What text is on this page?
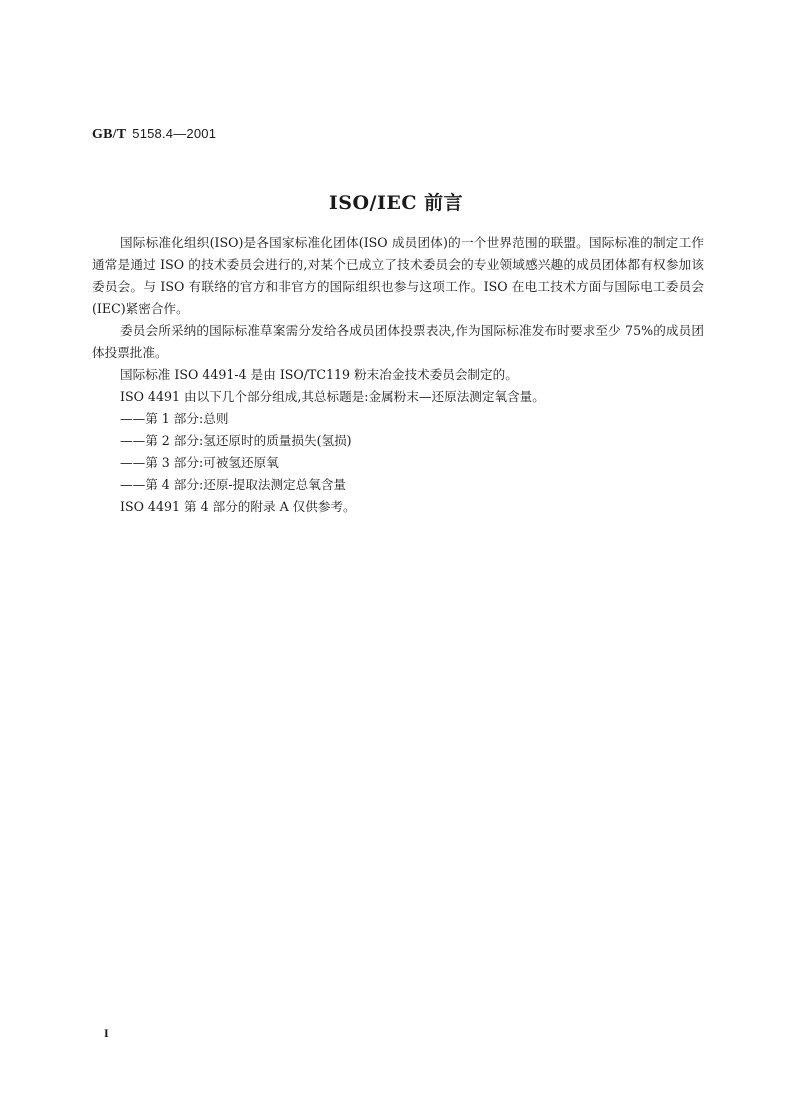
GB/T 5158.4—2001
ISO/IEC 前言

国际标准化组织(ISO)是各国家标准化团体(ISO 成员团体)的一个世界范围的联盟。国际标准的制定工作通常是通过 ISO 的技术委员会进行的,对某个已成立了技术委员会的专业领域感兴趣的成员团体都有权参加该委员会。与 ISO 有联络的官方和非官方的国际组织也参与这项工作。ISO 在电工技术方面与国际电工委员会(IEC)紧密合作。

委员会所采纳的国际标准草案需分发给各成员团体投票表决,作为国际标准发布时要求至少 75%的成员团体投票批准。

国际标准 ISO 4491-4 是由 ISO/TC119 粉末冶金技术委员会制定的。

ISO 4491 由以下几个部分组成,其总标题是:金属粉末—还原法测定氧含量。

——第 1 部分:总则

——第 2 部分:氢还原时的质量损失(氢损)

——第 3 部分:可被氢还原氧

——第 4 部分:还原-提取法测定总氧含量

ISO 4491 第 4 部分的附录 A 仅供参考。

I
